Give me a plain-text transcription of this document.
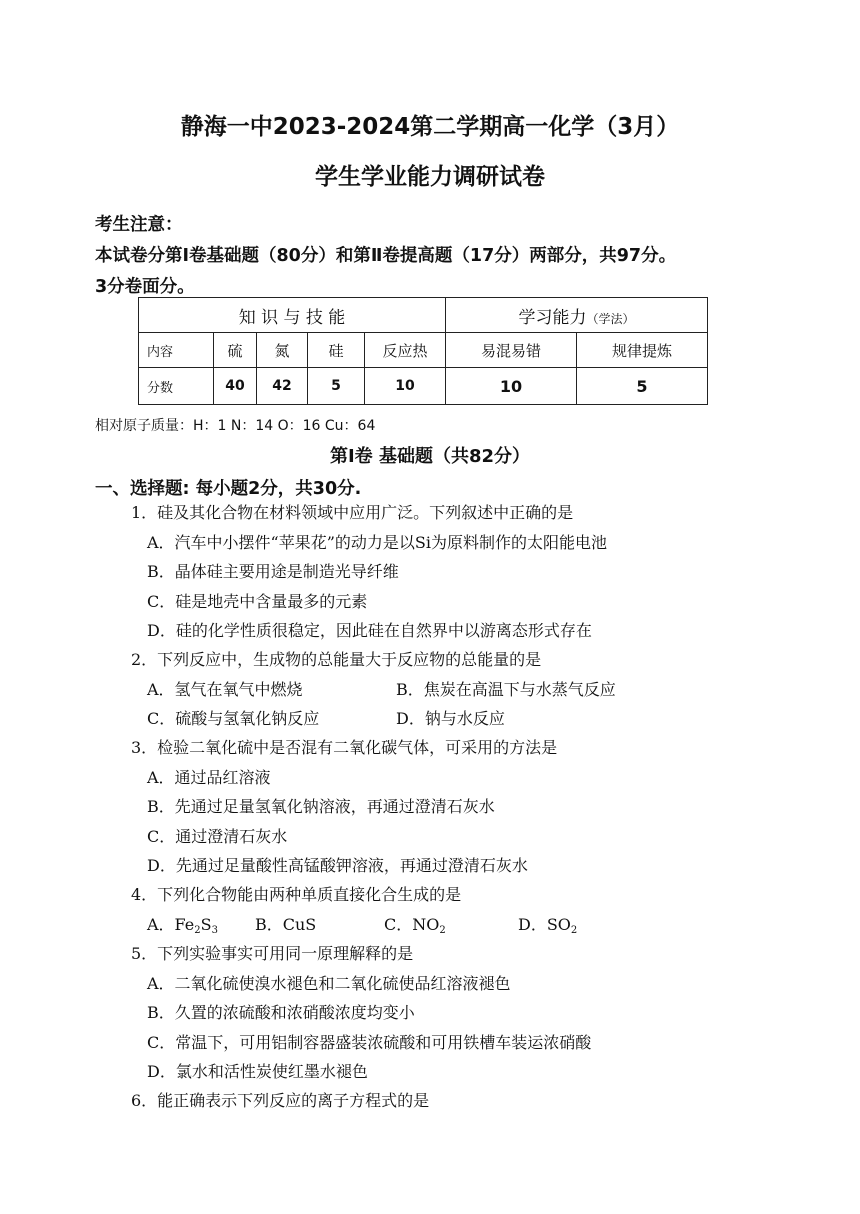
静海一中2023-2024第二学期高一化学（3月）
学生学业能力调研试卷
考生注意：
本试卷分第Ⅰ卷基础题（80分）和第Ⅱ卷提高题（17分）两部分，共97分。
3分卷面分。
知 识 与 技 能					学习能力（学法）	
内容	硫	氮	硅	反应热	易混易错	规律提炼
分数	40	42	5	10	10	5
相对原子质量：H：1 N：14 O：16 Cu：64
第Ⅰ卷 基础题（共82分）
一、选择题: 每小题2分，共30分.
1．硅及其化合物在材料领域中应用广泛。下列叙述中正确的是
A．汽车中小摆件“苹果花”的动力是以Si为原料制作的太阳能电池
B．晶体硅主要用途是制造光导纤维
C．硅是地壳中含量最多的元素
D．硅的化学性质很稳定，因此硅在自然界中以游离态形式存在
2．下列反应中，生成物的总能量大于反应物的总能量的是
A．氢气在氧气中燃烧	B．焦炭在高温下与水蒸气反应
C．硫酸与氢氧化钠反应	D．钠与水反应
3．检验二氧化硫中是否混有二氧化碳气体，可采用的方法是
A．通过品红溶液
B．先通过足量氢氧化钠溶液，再通过澄清石灰水
C．通过澄清石灰水
D．先通过足量酸性高锰酸钾溶液，再通过澄清石灰水
4．下列化合物能由两种单质直接化合生成的是
A．$Fe_2S_3$ B．CuS	C．$NO_2$	D．$SO_2$
5．下列实验事实可用同一原理解释的是
A．二氧化硫使溴水褪色和二氧化硫使品红溶液褪色
B．久置的浓硫酸和浓硝酸浓度均变小
C．常温下，可用铝制容器盛装浓硫酸和可用铁槽车装运浓硝酸
D．氯水和活性炭使红墨水褪色
6．能正确表示下列反应的离子方程式的是
